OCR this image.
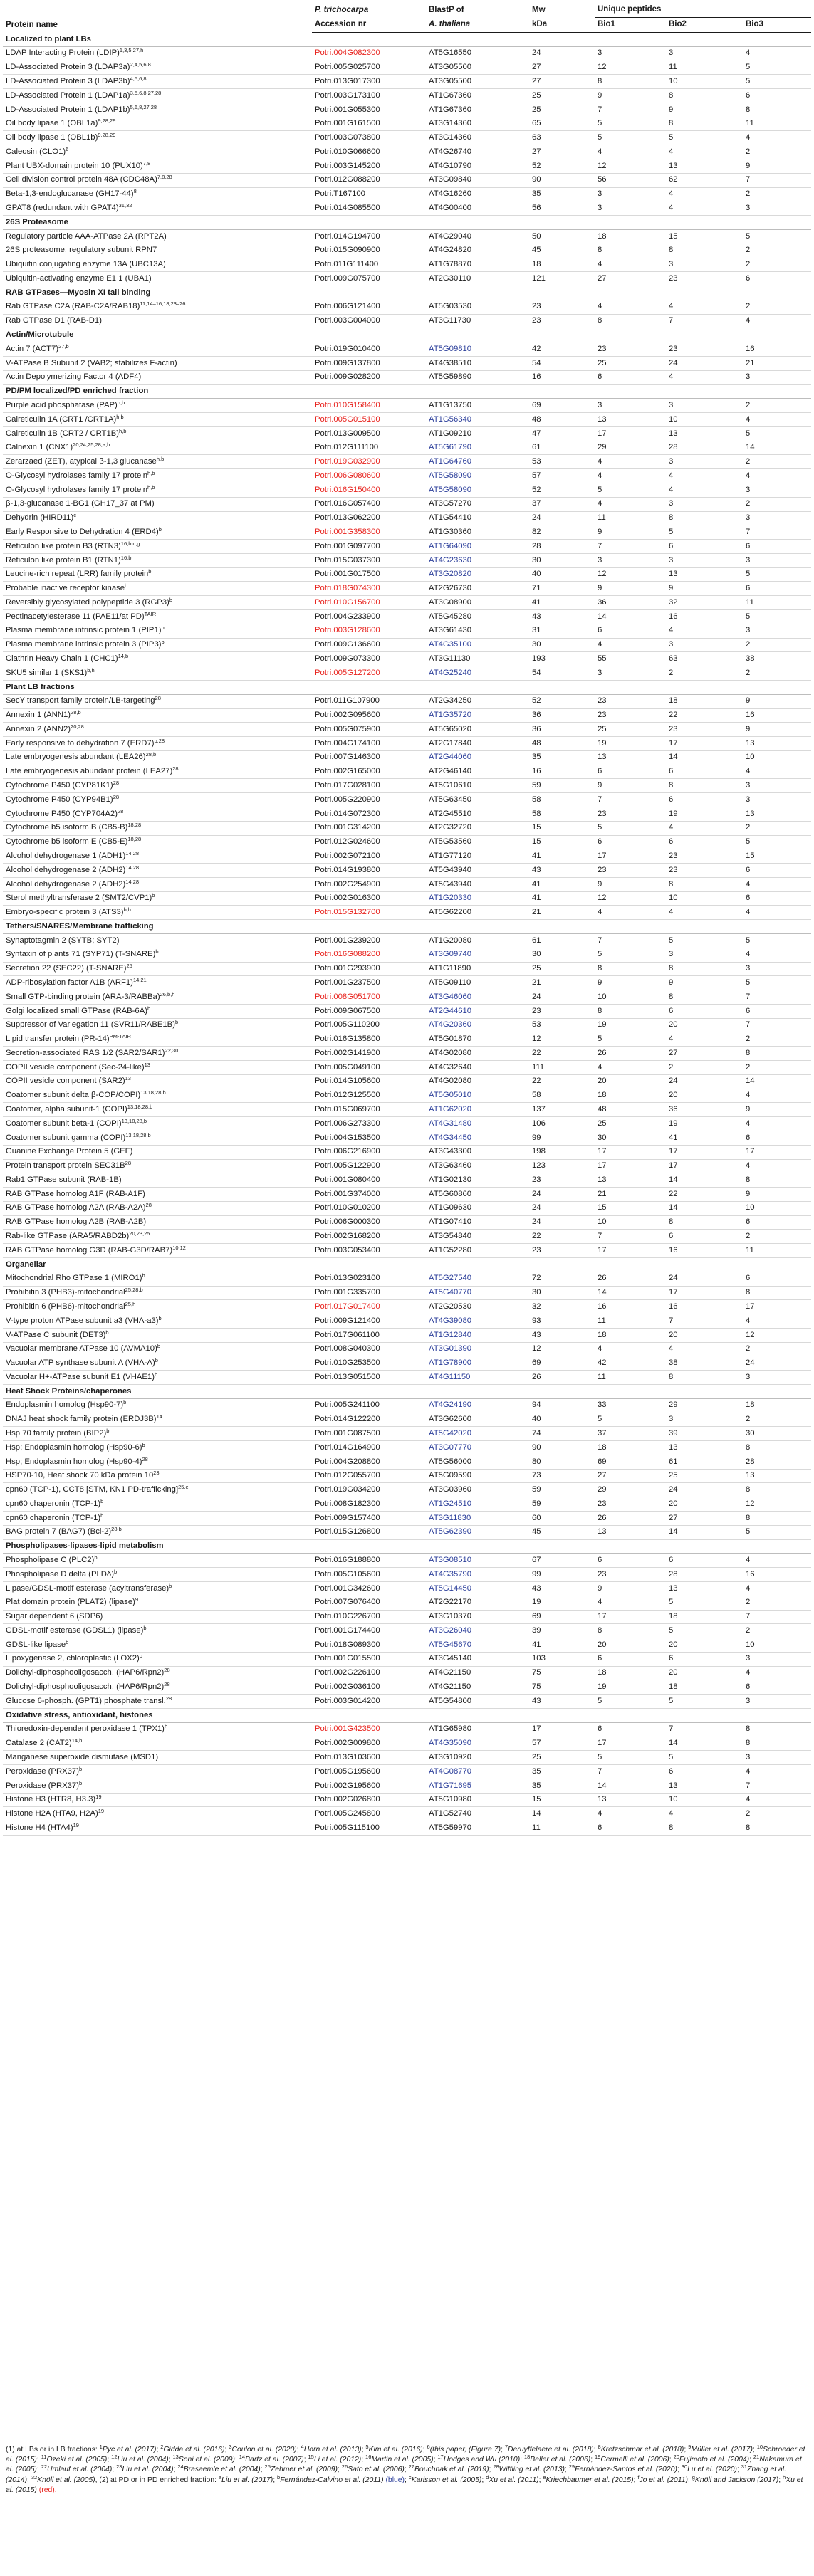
Protein name	P. trichocarpa	BlastP of	Mw	Unique peptides		
	Accession nr	A. thaliana	kDa	Bio1	Bio2	Bio3
Localized to plant LBs						
LDAP Interacting Protein (LDIP)$^{1,3,5,27,h}$	Potri.004G082300	AT5G16550	24	3	3	4
LD-Associated Protein 3 (LDAP3a)$^{2,4,5,6,8}$	Potri.005G025700	AT3G05500	27	12	11	5
LD-Associated Protein 3 (LDAP3b)$^{4,5,6,8}$	Potri.013G017300	AT3G05500	27	8	10	5
LD-Associated Protein 1 (LDAP1a)$^{3,5,6,8,27,28}$	Potri.003G173100	AT1G67360	25	9	8	6
LD-Associated Protein 1 (LDAP1b)$^{5,6,8,27,28}$	Potri.001G055300	AT1G67360	25	7	9	8
Oil body lipase 1 $(OBL1a)^{9,28,29}$	Potri.001G161500	AT3G14360	65	5	8	11
Oil body lipase 1 $(OBL1b)^{9,28,29}$	Potri.003G073800	AT3G14360	63	5	5	4
Caleosin $(CLO1)^6$	Potri.010G066600	AT4G26740	27	4	4	2
Plant UBX-domain protein 10 $(PUX10)^{7,8}$	Potri.003G145200	AT4G10790	52	12	13	9
Cell division control protein 48A $(CDC48A)^{7,8,28}$	Potri.012G088200	AT3G09840	90	56	62	7
Beta-1,3-endoglucanase $(GH17-44)^8$	Potri.T167100	AT4G16260	35	3	4	2
GPAT8 (redundant with GPAT4)$^{31,32}$	Potri.014G085500	AT4G00400	56	3	4	3
26S Proteasome						
Regulatory particle AAA-ATPase 2A (RPT2A)	Potri.014G194700	AT4G29040	50	18	15	5
26S proteasome, regulatory subunit RPN7	Potri.015G090900	AT4G24820	45	8	8	2
Ubiquitin conjugating enzyme 13A (UBC13A)	Potri.011G111400	AT1G78870	18	4	3	2
Ubiquitin-activating enzyme E1 1 (UBA1)	Potri.009G075700	AT2G30110	121	27	23	6
RAB GTPases—Myosin XI tail binding						
Rab GTPase C2A $(RAB-C2A/RAB18)^{11,14-16,18,23-26}$	Potri.006G121400	AT5G03530	23	4	4	2
Rab GTPase D1 (RAB-D1)	Potri.003G004000	AT3G11730	23	8	7	4
Actin/Microtubule						
Actin 7 $(ACT7)^{27,b}$	Potri.019G010400	AT5G09810	42	23	23	16
V-ATPase B Subunit 2 (VAB2; stabilizes F-actin)	Potri.009G137800	AT4G38510	54	25	24	21
Actin Depolymerizing Factor 4 (ADF4)	Potri.009G028200	AT5G59890	16	6	4	3
PD/PM localized/PD enriched fraction						
Purple acid phosphatase (PAP)$^{h,b}$	Potri.010G158400	AT1G13750	69	3	3	2
Calreticulin 1A (CRT1 /CRT1A)$^{h,b}$	Potri.005G015100	AT1G56340	48	13	10	4
Calreticulin 1B (CRT2 / CRT1B)$^{h,b}$	Potri.013G009500	AT1G09210	47	17	13	5
Calnexin 1 $(CNX1)^{20,24,25,28,a,b}$	Potri.012G111100	AT5G61790	61	29	28	14
Zerarzaed (ZET), atypical β-1,3 glucanase$^{h,b}$	Potri.019G032900	AT1G64760	53	4	3	2
O-Glycosyl hydrolases family 17 protein$^{h,b}$	Potri.006G080600	AT5G58090	57	4	4	4
O-Glycosyl hydrolases family 17 protein$^{h,b}$	Potri.016G150400	AT5G58090	52	5	4	3
β-1,3-glucanase 1-BG1 (GH17_37 at PM)	Potri.016G057400	AT3G57270	37	4	3	2
Dehydrin (HIRD11)$^c$	Potri.013G062200	AT1G54410	24	11	8	3
Early Responsive to Dehydration 4 $(ERD4)^b$	Potri.001G358300	AT1G30360	82	9	5	7
Reticulon like protein B3 $(RTN3)^{16,b,c,g}$	Potri.001G097700	AT1G64090	28	7	6	6
Reticulon like protein B1 $(RTN1)^{16,b}$	Potri.015G037300	AT4G23630	30	3	3	3
Leucine-rich repeat (LRR) family protein$^b$	Potri.001G017500	AT3G20820	40	12	13	5
Probable inactive receptor kinase$^b$	Potri.018G074300	AT2G26730	71	9	9	6
Reversibly glycosylated polypeptide 3 $(RGP3)^b$	Potri.010G156700	AT3G08900	41	36	32	11
Pectinacetylesterase 11 (PAE11/at PD)$^{TAIR}$	Potri.004G233900	AT5G45280	43	14	16	5
Plasma membrane intrinsic protein 1 $(PIP1)^b$	Potri.003G128600	AT3G61430	31	6	4	3
Plasma membrane intrinsic protein 3 $(PIP3)^b$	Potri.009G136600	AT4G35100	30	4	3	2
Clathrin Heavy Chain 1 $(CHC1)^{14,b}$	Potri.009G073300	AT3G11130	193	55	63	38
SKU5 similar 1 $(SKS1)^{b,h}$	Potri.005G127200	AT4G25240	54	3	2	2
Plant LB fractions						
SecY transport family protein/LB-targeting$^{28}$	Potri.011G107900	AT2G34250	52	23	18	9
Annexin 1 $(ANN1)^{28,b}$	Potri.002G095600	AT1G35720	36	23	22	16
Annexin 2 $(ANN2)^{20,28}$	Potri.005G075900	AT5G65020	36	25	23	9
Early responsive to dehydration 7 $(ERD7)^{b,28}$	Potri.004G174100	AT2G17840	48	19	17	13
Late embryogenesis abundant $(LEA26)^{28,b}$	Potri.007G146300	AT2G44060	35	13	14	10
Late embryogenesis abundant protein $(LEA27)^{28}$	Potri.002G165000	AT2G46140	16	6	6	4
Cytochrome P450 $(CYP81K1)^{28}$	Potri.017G028100	AT5G10610	59	9	8	3
Cytochrome P450 $(CYP94B1)^{28}$	Potri.005G220900	AT5G63450	58	7	6	3
Cytochrome P450 $(CYP704A2)^{28}$	Potri.014G072300	AT2G45510	58	23	19	13
Cytochrome b5 isoform B $(CB5-B)^{18,28}$	Potri.001G314200	AT2G32720	15	5	4	2
Cytochrome b5 isoform E $(CB5-E)^{18,28}$	Potri.012G024600	AT5G53560	15	6	6	5
Alcohol dehydrogenase 1 $(ADH1)^{14,28}$	Potri.002G072100	AT1G77120	41	17	23	15
Alcohol dehydrogenase 2 $(ADH2)^{14,28}$	Potri.014G193800	AT5G43940	43	23	23	6
Alcohol dehydrogenase 2 $(ADH2)^{14,28}$	Potri.002G254900	AT5G43940	41	9	8	4
Sterol methyltransferase 2 $(SMT2/CVP1)^b$	Potri.002G016300	AT1G20330	41	12	10	6
Embryo-specific protein 3 $(ATS3)^{b,h}$	Potri.015G132700	AT5G62200	21	4	4	4
Tethers/SNARES/Membrane trafficking						
Synaptotagmin 2 (SYTB; SYT2)	Potri.001G239200	AT1G20080	61	7	5	5
Syntaxin of plants 71 (SYP71) (T-SNARE)$^b$	Potri.016G088200	AT3G09740	30	5	3	4
Secretion 22 (SEC22) (T-SNARE)$^{25}$	Potri.001G293900	AT1G11890	25	8	8	3
ADP-ribosylation factor A1B $(ARF1)^{14,21}$	Potri.001G237500	AT5G09110	21	9	9	5
Small GTP-binding protein (ARA-3/RABBa)$^{26,b,h}$	Potri.008G051700	AT3G46060	24	10	8	7
Golgi localized small GTPase $(RAB-6A)^b$	Potri.009G067500	AT2G44610	23	8	6	6
Suppressor of Variegation 11 (SVR11/RABE1B)$^b$	Potri.005G110200	AT4G20360	53	19	20	7
Lipid transfer protein $(PR-14)^{PM-TAIR}$	Potri.016G135800	AT5G01870	12	5	4	2
Secretion-associated RAS 1/2 $(SAR2/SAR1)^{22,30}$	Potri.002G141900	AT4G02080	22	26	27	8
COPII vesicle component (Sec-24-like)$^{13}$	Potri.005G049100	AT4G32640	111	4	2	2
COPII vesicle component $(SAR2)^{13}$	Potri.014G105600	AT4G02080	22	20	24	14
Coatomer subunit delta β-COP/COPI)$^{13,18,28,b}$	Potri.012G125500	AT5G05010	58	18	20	4
Coatomer, alpha subunit-1 (COPI)$^{13,18,28,b}$	Potri.015G069700	AT1G62020	137	48	36	9
Coatomer subunit beta-1 (COPI)$^{13,18,28,b}$	Potri.006G273300	AT4G31480	106	25	19	4
Coatomer subunit gamma (COPI)$^{13,18,28,b}$	Potri.004G153500	AT4G34450	99	30	41	6
Guanine Exchange Protein 5 (GEF)	Potri.006G216900	AT3G43300	198	17	17	17
Protein transport protein $SEC31B^{28}$	Potri.005G122900	AT3G63460	123	17	17	4
Rab1 GTPase subunit (RAB-1B)	Potri.001G080400	AT1G02130	23	13	14	8
RAB GTPase homolog A1F (RAB-A1F)	Potri.001G374000	AT5G60860	24	21	22	9
RAB GTPase homolog A2A $(RAB-A2A)^{28}$	Potri.010G010200	AT1G09630	24	15	14	10
RAB GTPase homolog A2B (RAB-A2B)	Potri.006G000300	AT1G07410	24	10	8	6
Rab-like GTPase (ARA5/RABD2b)$^{20,23,25}$	Potri.002G168200	AT3G54840	22	7	6	2
RAB GTPase homolog G3D $(RAB-G3D/RAB7)^{10,12}$	Potri.003G053400	AT1G52280	23	17	16	11
Organellar						
Mitochondrial Rho GTPase 1 (MIRO1)$^b$	Potri.013G023100	AT5G27540	72	26	24	6
Prohibitin 3 (PHB3)-mitochondrial$^{25,28,b}$	Potri.001G335700	AT5G40770	30	14	17	8
Prohibitin 6 (PHB6)-mitochondrial$^{25,h}$	Potri.017G017400	AT2G20530	32	16	16	17
V-type proton ATPase subunit a3 $(VHA-a3)^b$	Potri.009G121400	AT4G39080	93	11	7	4
V-ATPase C subunit $(DET3)^b$	Potri.017G061100	AT1G12840	43	18	20	12
Vacuolar membrane ATPase 10 (AVMA10)$^b$	Potri.008G040300	AT3G01390	12	4	4	2
Vacuolar ATP synthase subunit A $(VHA-A)^b$	Potri.010G253500	AT1G78900	69	42	38	24
Vacuolar H+-ATPase subunit E1 (VHAE1)$^b$	Potri.013G051500	AT4G11150	26	11	8	3
Heat Shock Proteins/chaperones						
Endoplasmin homolog $(Hsp90-7)^b$	Potri.005G241100	AT4G24190	94	33	29	18
DNAJ heat shock family protein (ERDJ3B)$^{14}$	Potri.014G122200	AT3G62600	40	5	3	2
Hsp 70 family protein $(BIP2)^b$	Potri.001G087500	AT5G42020	74	37	39	30
Hsp; Endoplasmin homolog $(Hsp90-6)^b$	Potri.014G164900	AT3G07770	90	18	13	8
Hsp; Endoplasmin homolog $(Hsp90-4)^{28}$	Potri.004G208800	AT5G56000	80	69	61	28
HSP70-10, Heat shock 70 kDa protein $10^{23}$	Potri.012G055700	AT5G09590	73	27	25	13
cpn60 (TCP-1), CCT8 [STM, KN1 PD-trafficking]$^{25,e}$	Potri.019G034200	AT3G03960	59	29	24	8
cpn60 chaperonin $(TCP-1)^b$	Potri.008G182300	AT1G24510	59	23	20	12
cpn60 chaperonin $(TCP-1)^b$	Potri.009G157400	AT3G11830	60	26	27	8
BAG protein 7 (BAG7) $(Bcl-2)^{28,b}$	Potri.015G126800	AT5G62390	45	13	14	5
Phospholipases-lipases-lipid metabolism						
Phospholipase C $(PLC2)^b$	Potri.016G188800	AT3G08510	67	6	6	4
Phospholipase D delta $(PLD\delta)^b$	Potri.005G105600	AT4G35790	99	23	28	16
Lipase/GDSL-motif esterase (acyltransferase)$^b$	Potri.001G342600	AT5G14450	43	9	13	4
Plat domain protein (PLAT2) (lipase)$^9$	Potri.007G076400	AT2G22170	19	4	5	2
Sugar dependent 6 (SDP6)	Potri.010G226700	AT3G10370	69	17	18	7
GDSL-motif esterase (GDSL1) (lipase)$^b$	Potri.001G174400	AT3G26040	39	8	5	2
GDSL-like lipase$^b$	Potri.018G089300	AT5G45670	41	20	20	10
Lipoxygenase 2, chloroplastic $(LOX2)^c$	Potri.001G015500	AT3G45140	103	6	6	3
Dolichyl-diphosphooligosacch. $(HAP6/Rpn2)^{28}$	Potri.002G226100	AT4G21150	75	18	20	4
Dolichyl-diphosphooligosacch. $(HAP6/Rpn2)^{28}$	Potri.002G036100	AT4G21150	75	19	18	6
Glucose 6-phosph. (GPT1) phosphate transl.$^{28}$	Potri.003G014200	AT5G54800	43	5	5	3
Oxidative stress, antioxidant, histones						
Thioredoxin-dependent peroxidase 1 $(TPX1)^h$	Potri.001G423500	AT1G65980	17	6	7	8
Catalase 2 $(CAT2)^{14,b}$	Potri.002G009800	AT4G35090	57	17	14	8
Manganese superoxide dismutase (MSD1)	Potri.013G103600	AT3G10920	25	5	5	3
Peroxidase $(PRX37)^b$	Potri.005G195600	AT4G08770	35	7	6	4
Peroxidase $(PRX37)^b$	Potri.002G195600	AT1G71695	35	14	13	7
Histone H3 (HTR8, H3.3)$^{19}$	Potri.002G026800	AT5G10980	15	13	10	4
Histone H2A (HTA9, H2A)$^{19}$	Potri.005G245800	AT1G52740	14	4	4	2
Histone H4 $(HTA4)^{19}$	Potri.005G115100	AT5G59970	11	6	8	8
(1) at LBs or in LB fractions: $^1$Pyc et al. (2017); $^2$Gidda et al. (2016); $^3$Coulon et al. (2020); $^4$Horn et al. (2013); $^5$Kim et al. (2016); $^6$(this paper, (Figure 7); $^7$Deruyffelaere et al. (2018); $^8$Kretzschmar et al. (2018); $^9$Müller et al. (2017); $^{10}$Schroeder et al. (2015); $^{11}$Ozeki et al. (2005); $^{12}$Liu et al. (2004); $^{13}$Soni et al. (2009); $^{14}$Bartz et al. (2007); $^{15}$Li et al. (2012); $^{16}$Martin et al. (2005); $^{17}$Hodges and Wu (2010); $^{18}$Beller et al. (2006); $^{19}$Cermelli et al. (2006); $^{20}$Fujimoto et al. (2004); $^{21}$Nakamura et al. (2005); $^{22}$Umlauf et al. (2004); $^{23}$Liu et al. (2004); $^{24}$Brasaemle et al. (2004); $^{25}$Zehmer et al. (2009); $^{26}$Sato et al. (2006); $^{27}$Bouchnak et al. (2019); $^{28}$Wiffling et al. (2013); $^{29}$Fernández-Santos et al. (2020); $^{30}$Lu et al. (2020); $^{31}$Zhang et al. (2014); $^{32}$Knöll et al. (2005), (2) at PD or in PD enriched fraction: $^a$Liu et al. (2017); $^b$Fernández-Calvino et al. (2011) (blue); $^c$Karlsson et al. (2005); $^d$Xu et al. (2011); $^e$Kriechbaumer et al. (2015); $^f$Jo et al. (2011); $^g$Knöll and Jackson (2017); $^h$Xu et al. (2015) (red).
